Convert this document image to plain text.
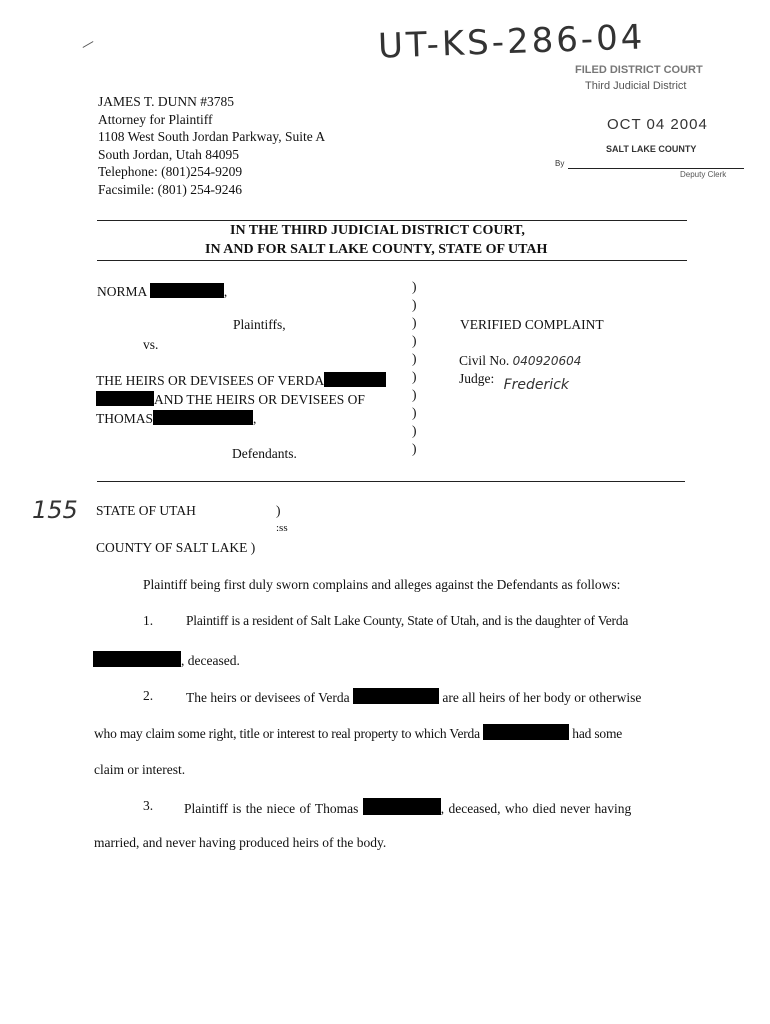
UT-KS-286-04
FILED DISTRICT COURT
Third Judicial District
OCT 04 2004
SALT LAKE COUNTY
By
Deputy Clerk
JAMES T. DUNN #3785
Attorney for Plaintiff
1108 West South Jordan Parkway, Suite A
South Jordan, Utah 84095
Telephone: (801)254-9209
Facsimile: (801) 254-9246
IN THE THIRD JUDICIAL DISTRICT COURT,
IN AND FOR SALT LAKE COUNTY, STATE OF UTAH
NORMA	,
Plaintiffs,
vs.
THE HEIRS OR DEVISEES OF VERDA
AND THE HEIRS OR DEVISEES OF
THOMAS	,
Defendants.
)
)
)
)
)
)
)
)
)
)
VERIFIED COMPLAINT
Civil No. 040920604
Judge: Frederick
155 STATE OF UTAH	)
:ss
COUNTY OF SALT LAKE )
Plaintiff being first duly sworn complains and alleges against the Defendants as follows:
1. Plaintiff is a resident of Salt Lake County, State of Utah, and is the daughter of Verda
, deceased.
2. The heirs or devisees of Verda	are all heirs of her body or otherwise
who may claim some right, title or interest to real property to which Verda	had some
claim or interest.
3. Plaintiff is the niece of Thomas	, deceased, who died never having
married, and never having produced heirs of the body.
